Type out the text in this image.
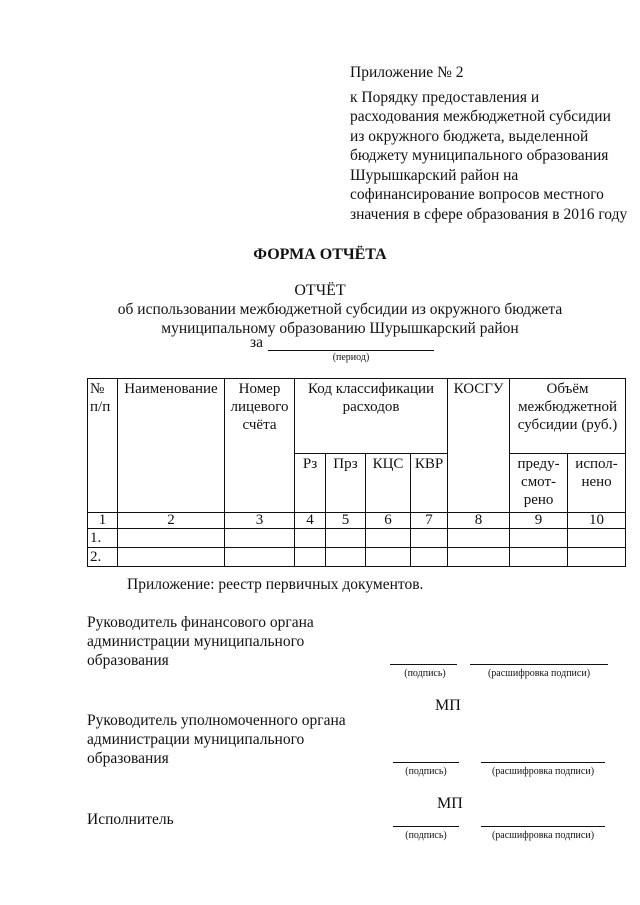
Приложение № 2
к Порядку предоставления и
расходования межбюджетной субсидии
из окружного бюджета, выделенной
бюджету муниципального образования
Шурышкарский район на
софинансирование вопросов местного
значения в сфере образования в 2016 году
ФОРМА ОТЧЁТА
ОТЧЁТ
об использовании межбюджетной субсидии из окружного бюджета
муниципальному образованию Шурышкарский район
за
(период)
№ п/п	Наименование	Номер лицевого счёта	Код классификации расходов				КОСГУ	Объём межбюджетной субсидии (руб.)	
			Рз	Прз	КЦС	КВР		преду-смот-рено	испол-нено
1	2	3	4	5	6	7	8	9	10
1.									
2.									
Приложение: реестр первичных документов.
Руководитель финансового органа
администрации муниципального
образования
(подпись)	(расшифровка подписи)
МП
Руководитель уполномоченного органа
администрации муниципального
образования
(подпись)	(расшифровка подписи)
МП
Исполнитель
(подпись)	(расшифровка подписи)
